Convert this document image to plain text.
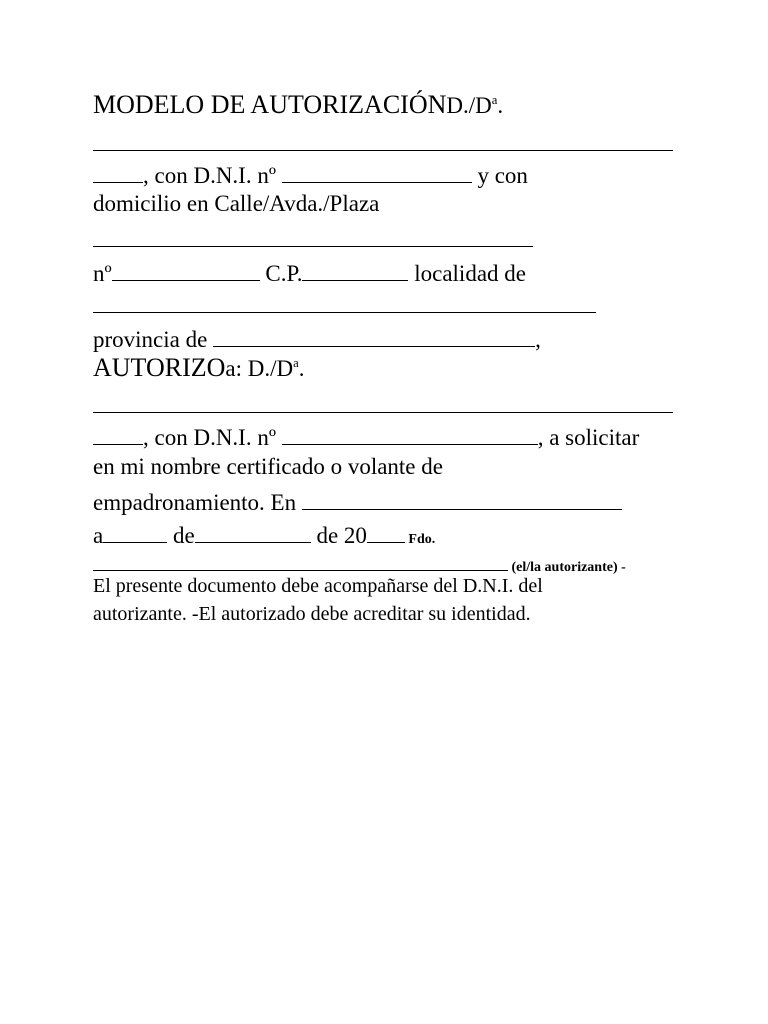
MODELO DE $AUTORIZACIÓND./D^a$.
, con D.N.I. nº	y con
domicilio en Calle/Avda./Plaza
nº	C.P.	localidad de
provincia de	,
AUTORIZOa: $D./D^a$.
, con D.N.I. nº	, a solicitar
en mi nombre certificado o volante de
empadronamiento. En
a	de	de 20	Fdo.
(el/la autorizante) -
El presente documento debe acompañarse del D.N.I. del
autorizante. -El autorizado debe acreditar su identidad.
